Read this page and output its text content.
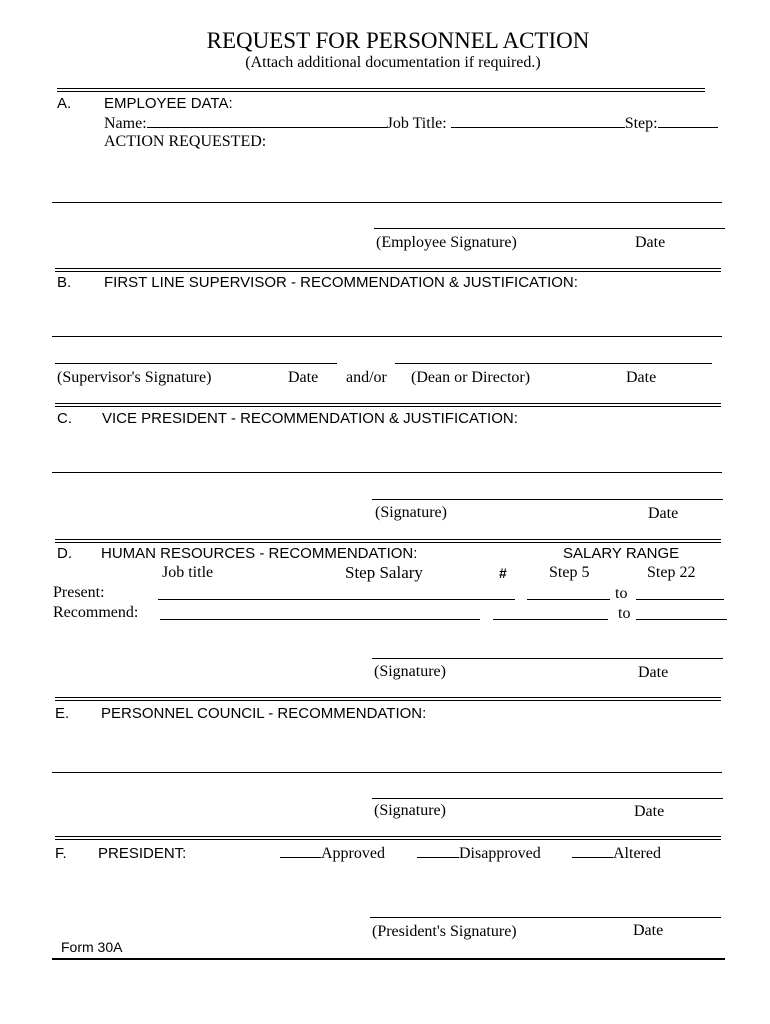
REQUEST FOR PERSONNEL ACTION
(Attach additional documentation if required.)
A. EMPLOYEE DATA:
Name:	Job Title:	Step:
ACTION REQUESTED:
(Employee Signature)	Date
B. FIRST LINE SUPERVISOR - RECOMMENDATION & JUSTIFICATION:
(Supervisor's Signature)	Date and/or (Dean or Director)	Date
C. VICE PRESIDENT - RECOMMENDATION & JUSTIFICATION:
(Signature)	Date
D. HUMAN RESOURCES - RECOMMENDATION:	SALARY RANGE
Job title	Step Salary	#	Step 5	Step 22
Present:	to
Recommend:	to
(Signature)	Date
E. PERSONNEL COUNCIL - RECOMMENDATION:
(Signature)	Date
F. PRESIDENT:	Approved	Disapproved	Altered
(President's Signature)	Date
Form 30A
